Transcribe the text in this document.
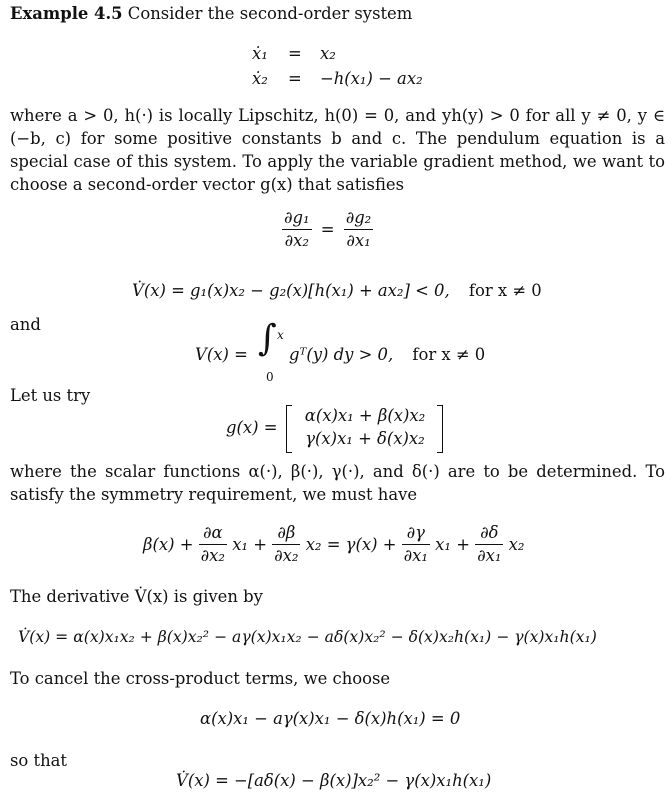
Example 4.5 Consider the second-order system
ẋ₁ = x₂
ẋ₂ = −h(x₁) − ax₂
where a > 0, h(·) is locally Lipschitz, h(0) = 0, and yh(y) > 0 for all y ≠ 0, y ∈ (−b, c) for some positive constants b and c. The pendulum equation is a special case of this system. To apply the variable gradient method, we want to choose a second-order vector g(x) that satisfies
$\frac{\text{∂g₁}}{\text{∂x₂}} = \frac{\text{∂g₂}}{\text{∂x₁}}$
V̇(x) = g₁(x)x₂ − g₂(x)[h(x₁) + ax₂] < 0, for x ≠ 0
and
V(x) = ∫ x
0
gᵀ(y) dy > 0, for x ≠ 0
Let us try
g(x) =
α(x)x₁ + β(x)x₂
γ(x)x₁ + δ(x)x₂
where the scalar functions α(·), β(·), γ(·), and δ(·) are to be determined. To satisfy the symmetry requirement, we must have
$\beta(x) + \frac{\partial\alpha}{\text{∂x₂}} x_1 + \frac{\partial\beta}{\text{∂x₂}} x_2 = \gamma(x) + \frac{\partial\gamma}{\text{∂x₁}} x_1 + \frac{\partial\delta}{\text{∂x₁}} x_2$
The derivative V̇(x) is given by
V̇(x) = α(x)x₁x₂ + β(x)x₂² − aγ(x)x₁x₂ − aδ(x)x₂² − δ(x)x₂h(x₁) − γ(x)x₁h(x₁)
To cancel the cross-product terms, we choose
α(x)x₁ − aγ(x)x₁ − δ(x)h(x₁) = 0
so that
V̇(x) = −[aδ(x) − β(x)]x₂² − γ(x)x₁h(x₁)
